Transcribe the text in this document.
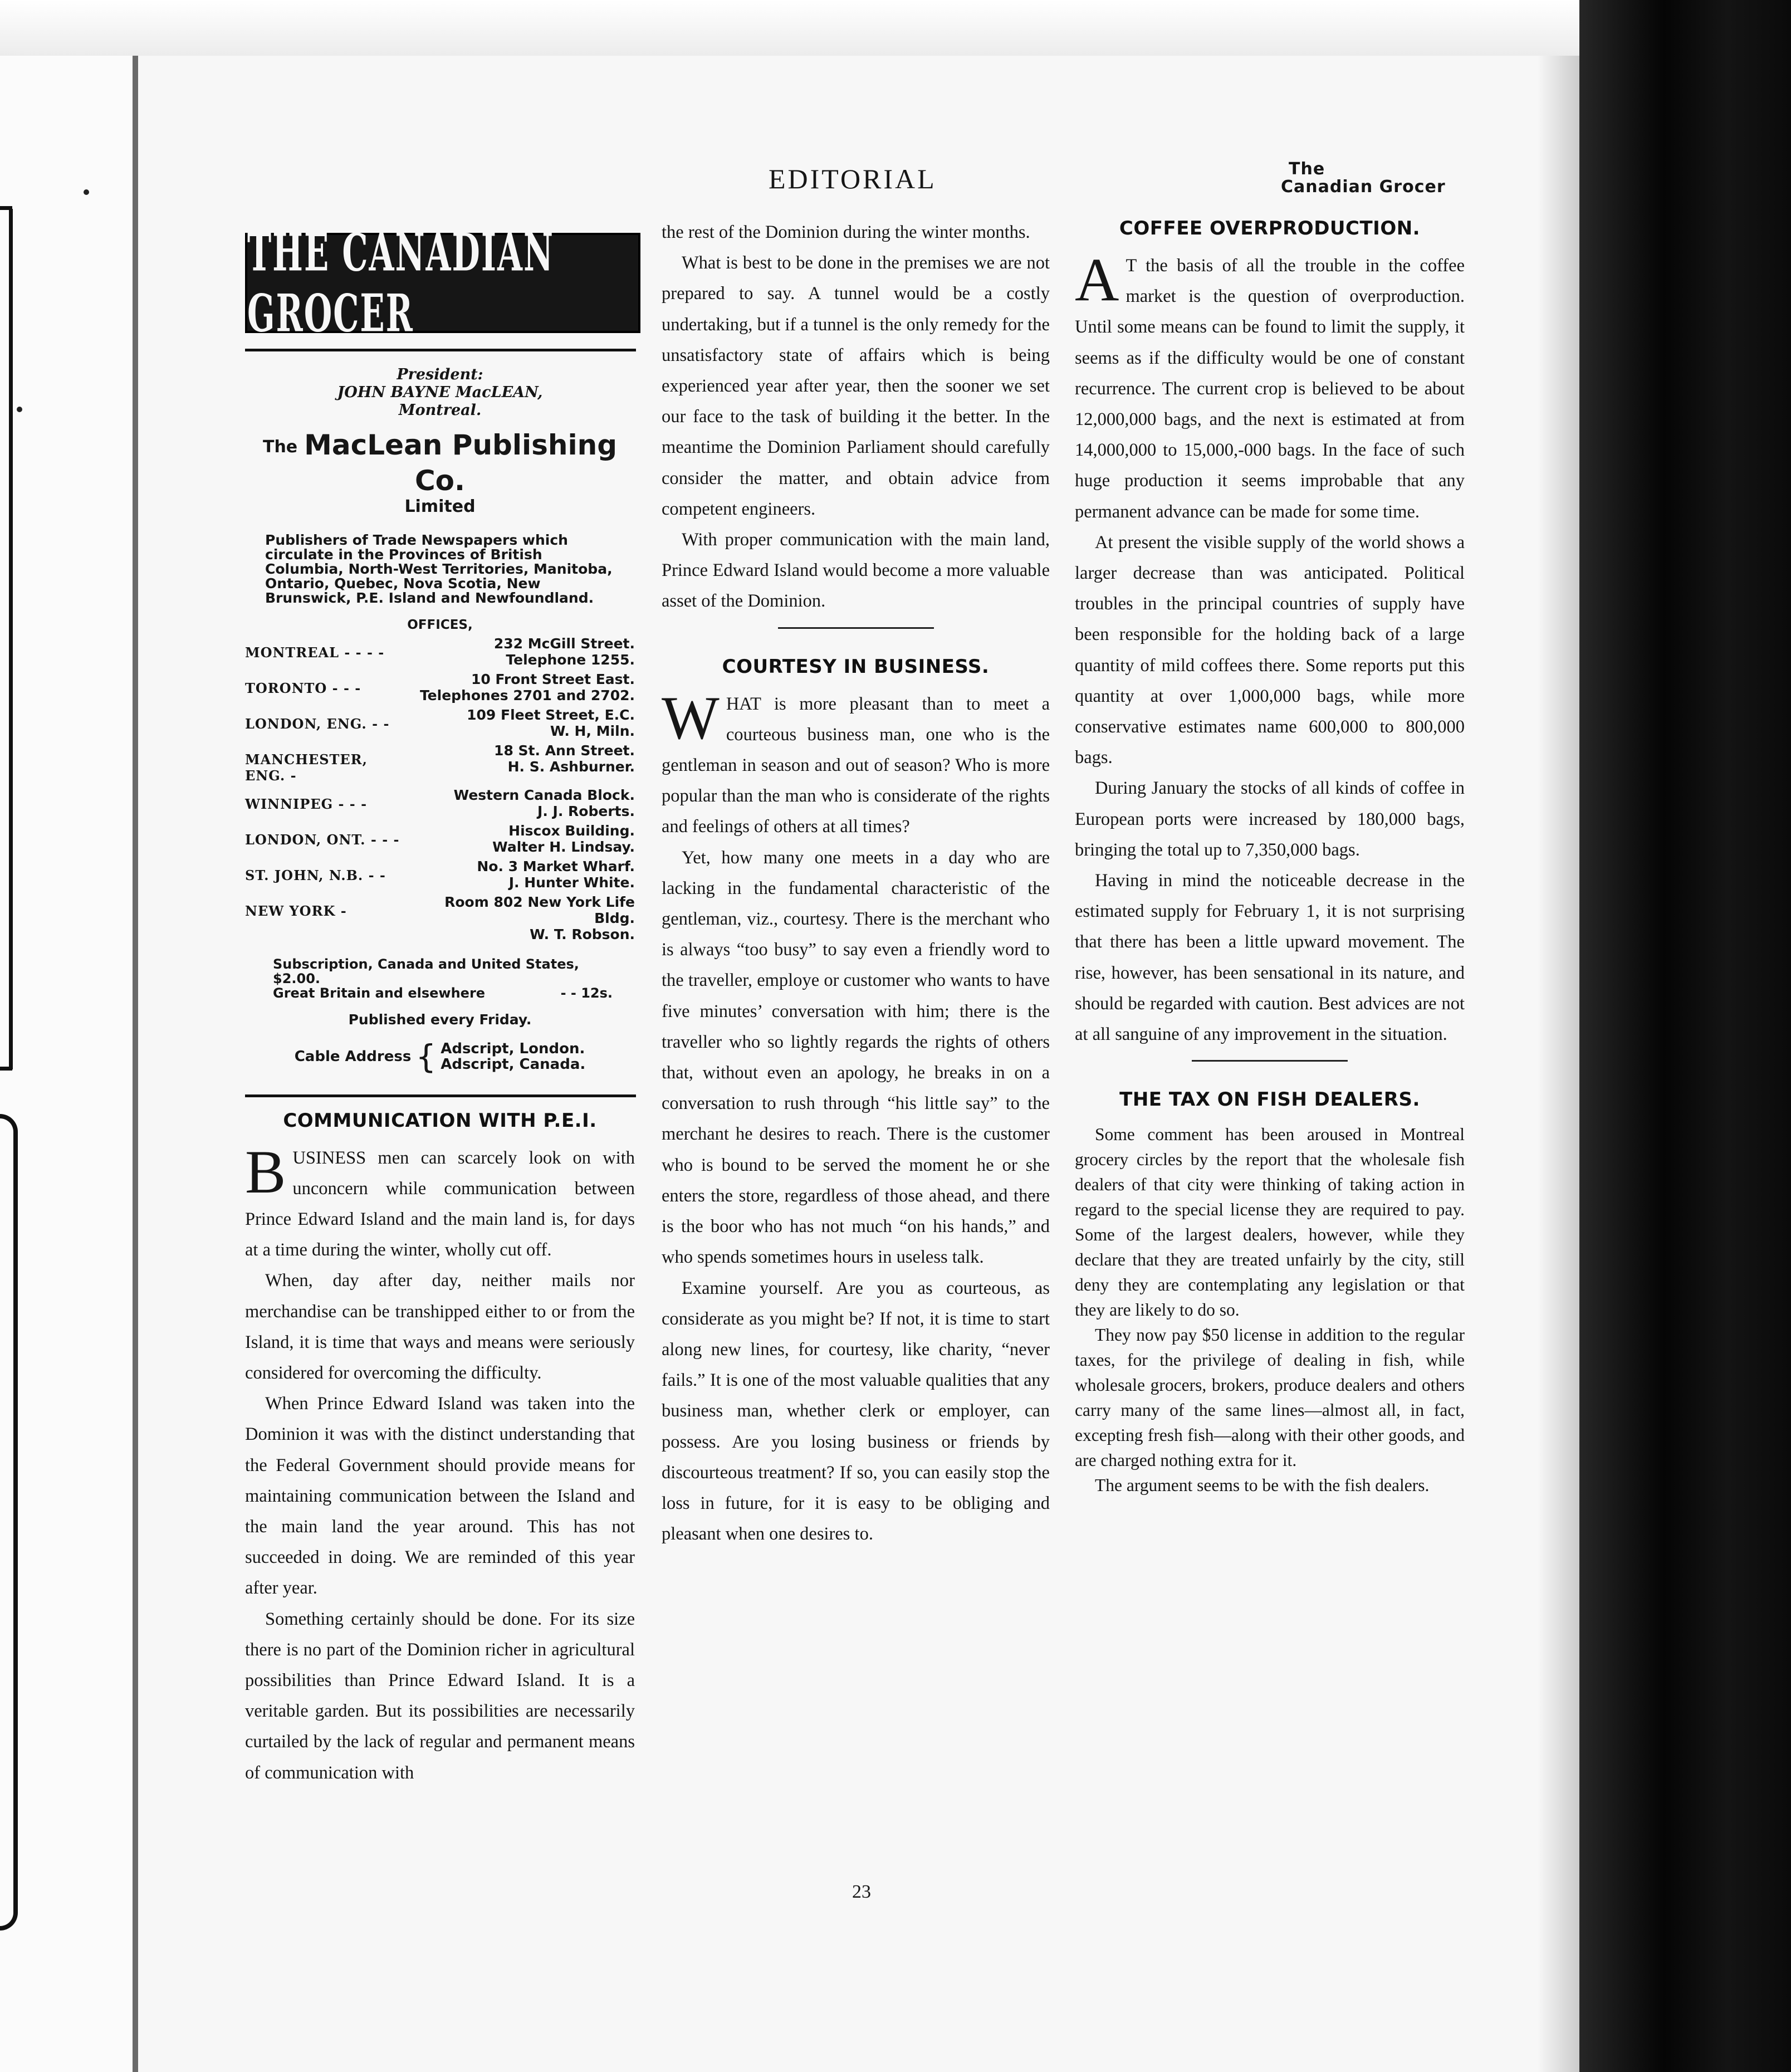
EDITORIAL	The
Canadian Grocer
THE CANADIAN GROCER
President:
JOHN BAYNE MacLEAN,
Montreal.
The MacLean Publishing Co.
Limited
Publishers of Trade Newspapers which circulate in the Provinces of British Columbia, North-West Territories, Manitoba, Ontario, Quebec, Nova Scotia, New Brunswick, P.E. Island and Newfoundland.
OFFICES,
MONTREAL - - - -
232 McGill Street.
Telephone 1255.
TORONTO - - -
10 Front Street East.
Telephones 2701 and 2702.
LONDON, ENG. - -
109 Fleet Street, E.C.
W. H, Miln.
MANCHESTER, ENG. -
18 St. Ann Street.
H. S. Ashburner.
WINNIPEG - - -
Western Canada Block.
J. J. Roberts.
LONDON, ONT. - - -
Hiscox Building.
Walter H. Lindsay.
ST. JOHN, N.B. - -
No. 3 Market Wharf.
J. Hunter White.
NEW YORK -
Room 802 New York Life Bldg.
W. T. Robson.
Subscription, Canada and United States, $2.00.
Great Britain and elsewhere	- - 12s.
Published every Friday.
Cable Address { Adscript, London.
Adscript, Canada.
COMMUNICATION WITH P.E.I.

BUSINESS men can scarcely look on with unconcern while communication between Prince Edward Island and the main land is, for days at a time during the winter, wholly cut off.

When, day after day, neither mails nor merchandise can be transhipped either to or from the Island, it is time that ways and means were seriously considered for overcoming the difficulty.

When Prince Edward Island was taken into the Dominion it was with the distinct understanding that the Federal Government should provide means for maintaining communication between the Island and the main land the year around. This has not succeeded in doing. We are reminded of this year after year.

Something certainly should be done. For its size there is no part of the Dominion richer in agricultural possibilities than Prince Edward Island. It is a veritable garden. But its possibilities are necessarily curtailed by the lack of regular and permanent means of communication with

the rest of the Dominion during the winter months.

What is best to be done in the premises we are not prepared to say. A tunnel would be a costly undertaking, but if a tunnel is the only remedy for the unsatisfactory state of affairs which is being experienced year after year, then the sooner we set our face to the task of building it the better. In the meantime the Dominion Parliament should carefully consider the matter, and obtain advice from competent engineers.

With proper communication with the main land, Prince Edward Island would become a more valuable asset of the Dominion.

COURTESY IN BUSINESS.

WHAT is more pleasant than to meet a courteous business man, one who is the gentleman in season and out of season? Who is more popular than the man who is considerate of the rights and feelings of others at all times?

Yet, how many one meets in a day who are lacking in the fundamental characteristic of the gentleman, viz., courtesy. There is the merchant who is always “too busy” to say even a friendly word to the traveller, employe or customer who wants to have five minutes’ conversation with him; there is the traveller who so lightly regards the rights of others that, without even an apology, he breaks in on a conversation to rush through “his little say” to the merchant he desires to reach. There is the customer who is bound to be served the moment he or she enters the store, regardless of those ahead, and there is the boor who has not much “on his hands,” and who spends sometimes hours in useless talk.

Examine yourself. Are you as courteous, as considerate as you might be? If not, it is time to start along new lines, for courtesy, like charity, “never fails.” It is one of the most valuable qualities that any business man, whether clerk or employer, can possess. Are you losing business or friends by discourteous treatment? If so, you can easily stop the loss in future, for it is easy to be obliging and pleasant when one desires to.

COFFEE OVERPRODUCTION.

A T the basis of all the trouble in the coffee market is the question of overproduction. Until some means can be found to limit the supply, it seems as if the difficulty would be one of constant recurrence. The current crop is believed to be about 12,000,000 bags, and the next is estimated at from 14,000,000 to 15,000,-000 bags. In the face of such huge production it seems improbable that any permanent advance can be made for some time.

At present the visible supply of the world shows a larger decrease than was anticipated. Political troubles in the principal countries of supply have been responsible for the holding back of a large quantity of mild coffees there. Some reports put this quantity at over 1,000,000 bags, while more conservative estimates name 600,000 to 800,000 bags.

During January the stocks of all kinds of coffee in European ports were increased by 180,000 bags, bringing the total up to 7,350,000 bags.

Having in mind the noticeable decrease in the estimated supply for February 1, it is not surprising that there has been a little upward movement. The rise, however, has been sensational in its nature, and should be regarded with caution. Best advices are not at all sanguine of any improvement in the situation.

THE TAX ON FISH DEALERS.

Some comment has been aroused in Montreal grocery circles by the report that the wholesale fish dealers of that city were thinking of taking action in regard to the special license they are required to pay. Some of the largest dealers, however, while they declare that they are treated unfairly by the city, still deny they are contemplating any legislation or that they are likely to do so.

They now pay $50 license in addition to the regular taxes, for the privilege of dealing in fish, while wholesale grocers, brokers, produce dealers and others carry many of the same lines—almost all, in fact, excepting fresh fish—along with their other goods, and are charged nothing extra for it.

The argument seems to be with the fish dealers.

23
